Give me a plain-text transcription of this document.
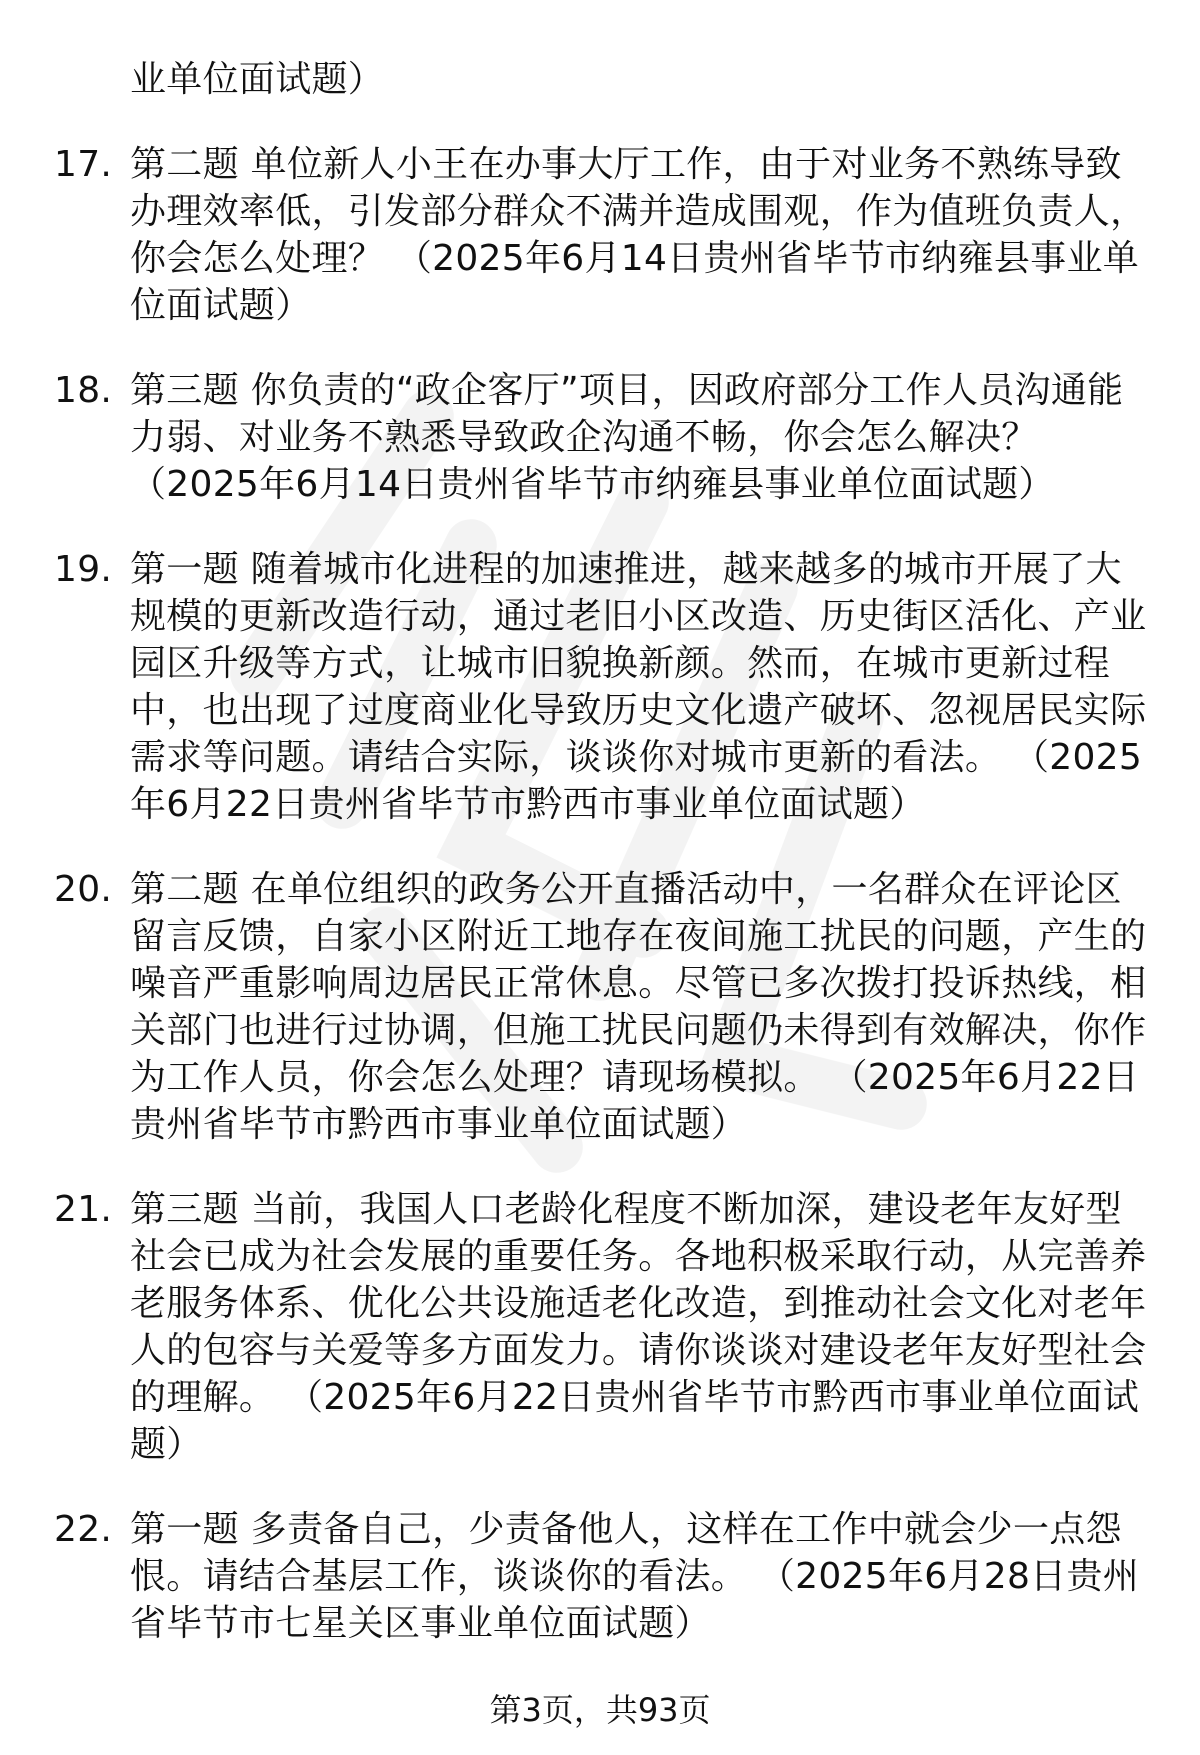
业单位面试题）

17. 第二题 单位新人小王在办事大厅工作，由于对业务不熟练导致办理效率低，引发部分群众不满并造成围观，作为值班负责人，你会怎么处理？ （2025年6月14日贵州省毕节市纳雍县事业单位面试题）
18. 第三题 你负责的“政企客厅”项目，因政府部分工作人员沟通能力弱、对业务不熟悉导致政企沟通不畅，你会怎么解决？ （2025年6月14日贵州省毕节市纳雍县事业单位面试题）
19. 第一题 随着城市化进程的加速推进，越来越多的城市开展了大规模的更新改造行动，通过老旧小区改造、历史街区活化、产业园区升级等方式，让城市旧貌换新颜。然而，在城市更新过程中，也出现了过度商业化导致历史文化遗产破坏、忽视居民实际需求等问题。请结合实际，谈谈你对城市更新的看法。 （2025年6月22日贵州省毕节市黔西市事业单位面试题）
20. 第二题 在单位组织的政务公开直播活动中，一名群众在评论区留言反馈，自家小区附近工地存在夜间施工扰民的问题，产生的噪音严重影响周边居民正常休息。尽管已多次拨打投诉热线，相关部门也进行过协调，但施工扰民问题仍未得到有效解决，你作为工作人员，你会怎么处理？请现场模拟。 （2025年6月22日贵州省毕节市黔西市事业单位面试题）
21. 第三题 当前，我国人口老龄化程度不断加深，建设老年友好型社会已成为社会发展的重要任务。各地积极采取行动，从完善养老服务体系、优化公共设施适老化改造，到推动社会文化对老年人的包容与关爱等多方面发力。请你谈谈对建设老年友好型社会的理解。 （2025年6月22日贵州省毕节市黔西市事业单位面试题）
22. 第一题 多责备自己，少责备他人，这样在工作中就会少一点怨恨。请结合基层工作，谈谈你的看法。 （2025年6月28日贵州省毕节市七星关区事业单位面试题）
第3页，共93页
